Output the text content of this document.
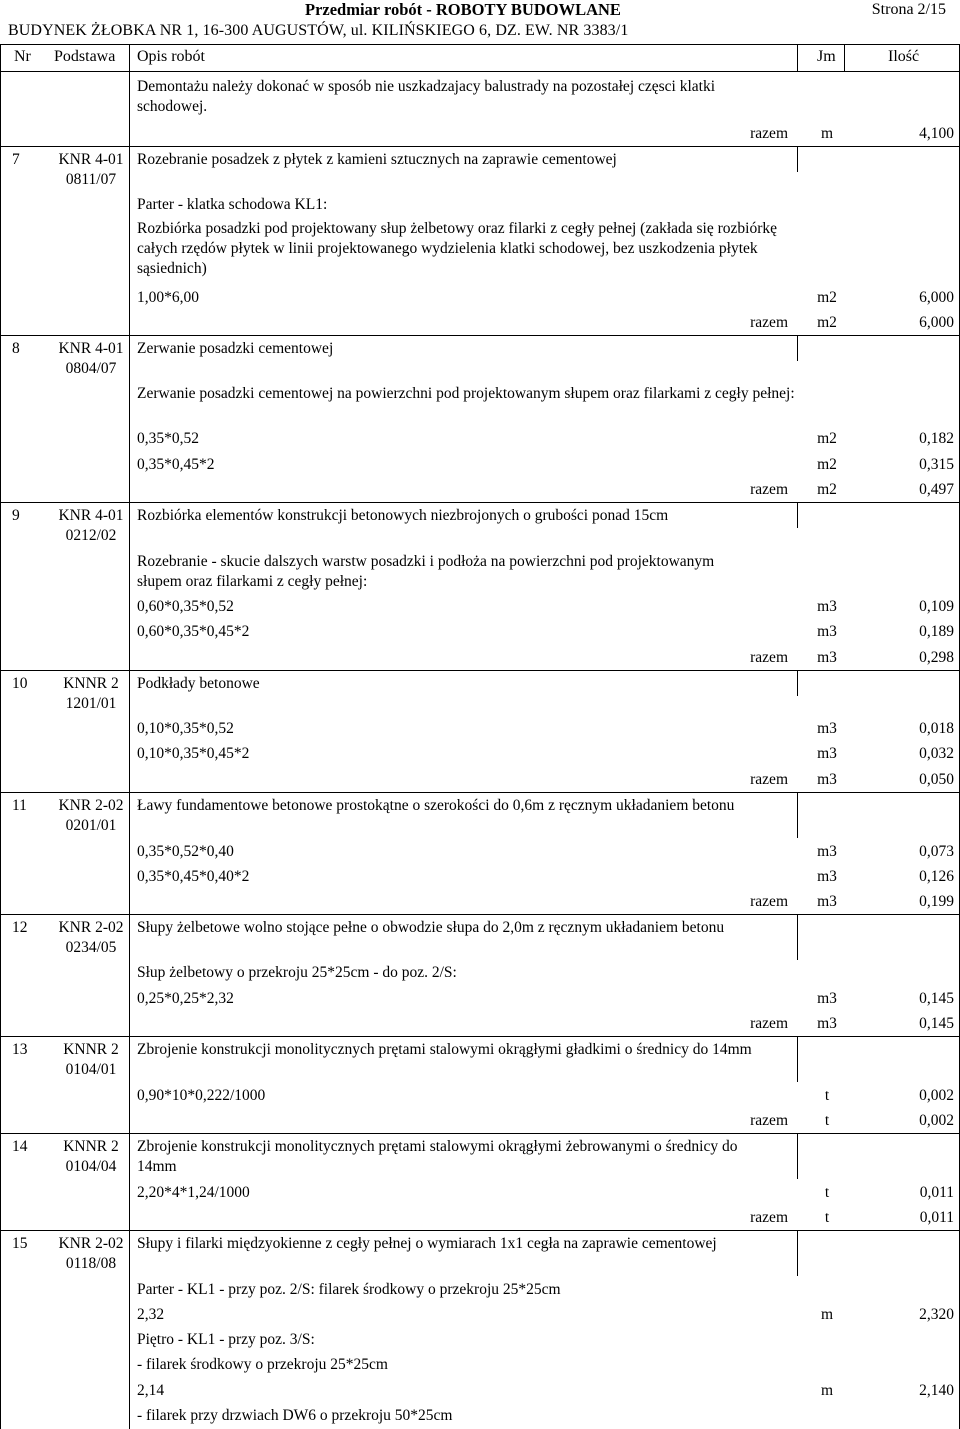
Przedmiar robót - ROBOTY BUDOWLANE	Strona 2/15
BUDYNEK ŻŁOBKA NR 1, 16-300 AUGUSTÓW, ul. KILIŃSKIEGO 6, DZ. EW. NR 3383/1
Nr Podstawa Opis robót	Jm	Ilość
Demontażu należy dokonać w sposób nie uszkadzajacy balustrady na pozostałej częsci klatki schodowej.
razem	m	4,100
7	KNR 4-01
0811/07
Rozebranie posadzek z płytek z kamieni sztucznych na zaprawie cementowej
Parter - klatka schodowa KL1:
Rozbiórka posadzki pod projektowany słup żelbetowy oraz filarki z cegły pełnej (zakłada się rozbiórkę całych rzędów płytek w linii projektowanego wydzielenia klatki schodowej, bez uszkodzenia płytek sąsiednich)
1,00*6,00	m2	6,000
razem	m2	6,000
8	KNR 4-01
0804/07
Zerwanie posadzki cementowej
Zerwanie posadzki cementowej na powierzchni pod projektowanym słupem oraz filarkami z cegły pełnej:
0,35*0,52	m2	0,182
0,35*0,45*2	m2	0,315
razem	m2	0,497
9	KNR 4-01
0212/02
Rozbiórka elementów konstrukcji betonowych niezbrojonych o grubości ponad 15cm
Rozebranie - skucie dalszych warstw posadzki i podłoża na powierzchni pod projektowanym słupem oraz filarkami z cegły pełnej:
0,60*0,35*0,52	m3	0,109
0,60*0,35*0,45*2	m3	0,189
razem	m3	0,298
10	KNNR 2
1201/01
Podkłady betonowe
0,10*0,35*0,52	m3	0,018
0,10*0,35*0,45*2	m3	0,032
razem	m3	0,050
11	KNR 2-02
0201/01
Ławy fundamentowe betonowe prostokątne o szerokości do 0,6m z ręcznym układaniem betonu
0,35*0,52*0,40	m3	0,073
0,35*0,45*0,40*2	m3	0,126
razem	m3	0,199
12	KNR 2-02
0234/05
Słupy żelbetowe wolno stojące pełne o obwodzie słupa do 2,0m z ręcznym układaniem betonu
Słup żelbetowy o przekroju 25*25cm - do poz. 2/S:
0,25*0,25*2,32	m3	0,145
razem	m3	0,145
13	KNNR 2
0104/01
Zbrojenie konstrukcji monolitycznych prętami stalowymi okrągłymi gładkimi o średnicy do 14mm
0,90*10*0,222/1000	t	0,002
razem	t	0,002
14	KNNR 2
0104/04
Zbrojenie konstrukcji monolitycznych prętami stalowymi okrągłymi żebrowanymi o średnicy do 14mm
2,20*4*1,24/1000	t	0,011
razem	t	0,011
15	KNR 2-02
0118/08
Słupy i filarki międzyokienne z cegły pełnej o wymiarach 1x1 cegła na zaprawie cementowej
Parter - KL1 - przy poz. 2/S: filarek środkowy o przekroju 25*25cm
2,32	m	2,320
Piętro - KL1 - przy poz. 3/S:
- filarek środkowy o przekroju 25*25cm
2,14	m	2,140
- filarek przy drzwiach DW6 o przekroju 50*25cm
